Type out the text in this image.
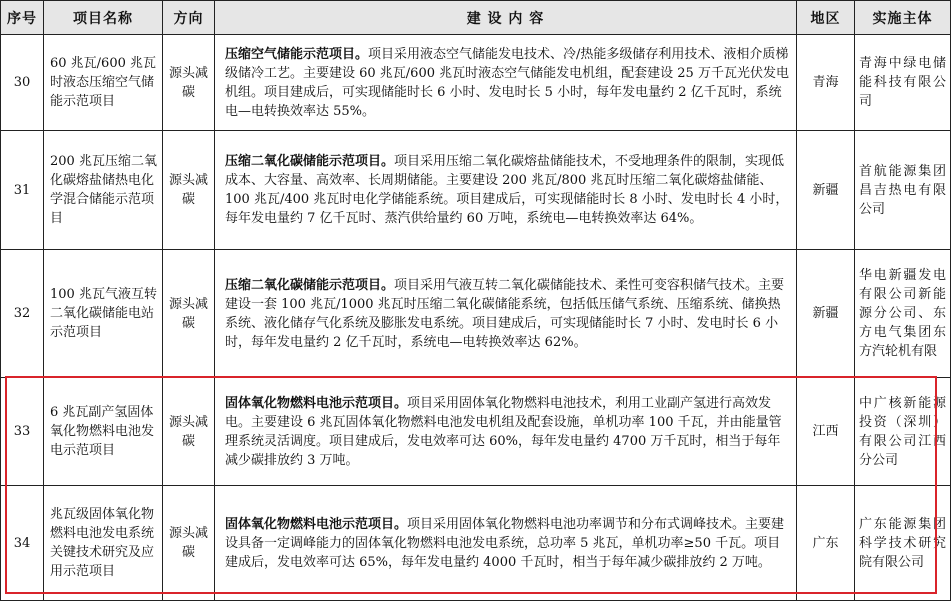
序号	项目名称	方向	建 设 内 容	地区	实施主体
30	60 兆瓦/600 兆瓦时液态压缩空气储能示范项目	源头减碳	压缩空气储能示范项目。项目采用液态空气储能发电技术、冷/热能多级储存利用技术、液相介质梯级储冷工艺。主要建设 60 兆瓦/600 兆瓦时液态空气储能发电机组，配套建设 25 万千瓦光伏发电机组。项目建成后，可实现储能时长 6 小时、发电时长 5 小时，每年发电量约 2 亿千瓦时，系统电—电转换效率达 55%。	青海	青海中绿电储能科技有限公司
31	200 兆瓦压缩二氧化碳熔盐储热电化学混合储能示范项目	源头减碳	压缩二氧化碳储能示范项目。项目采用压缩二氧化碳熔盐储能技术，不受地理条件的限制，实现低成本、大容量、高效率、长周期储能。主要建设 200 兆瓦/800 兆瓦时压缩二氧化碳熔盐储能、100 兆瓦/400 兆瓦时电化学储能系统。项目建成后，可实现储能时长 8 小时、发电时长 4 小时，每年发电量约 7 亿千瓦时、蒸汽供给量约 60 万吨，系统电—电转换效率达 64%。	新疆	首航能源集团昌吉热电有限公司
32	100 兆瓦气液互转二氧化碳储能电站示范项目	源头减碳	压缩二氧化碳储能示范项目。项目采用气液互转二氧化碳储能技术、柔性可变容积储气技术。主要建设一套 100 兆瓦/1000 兆瓦时压缩二氧化碳储能系统，包括低压储气系统、压缩系统、储换热系统、液化储存气化系统及膨胀发电系统。项目建成后，可实现储能时长 7 小时、发电时长 6 小时，每年发电量约 2 亿千瓦时，系统电—电转换效率达 62%。	新疆	华电新疆发电有限公司新能源分公司、东方电气集团东方汽轮机有限
33	6 兆瓦副产氢固体氧化物燃料电池发电示范项目	源头减碳	固体氧化物燃料电池示范项目。项目采用固体氧化物燃料电池技术，利用工业副产氢进行高效发电。主要建设 6 兆瓦固体氧化物燃料电池发电机组及配套设施，单机功率 100 千瓦，并由能量管理系统灵活调度。项目建成后，发电效率可达 60%，每年发电量约 4700 万千瓦时，相当于每年减少碳排放约 3 万吨。	江西	中广核新能源投资（深圳）有限公司江西分公司
34	兆瓦级固体氧化物燃料电池发电系统关键技术研究及应用示范项目	源头减碳	固体氧化物燃料电池示范项目。项目采用固体氧化物燃料电池功率调节和分布式调峰技术。主要建设具备一定调峰能力的固体氧化物燃料电池发电系统，总功率 5 兆瓦，单机功率≥50 千瓦。项目建成后，发电效率可达 65%，每年发电量约 4000 千瓦时，相当于每年减少碳排放约 2 万吨。	广东	广东能源集团科学技术研究院有限公司
